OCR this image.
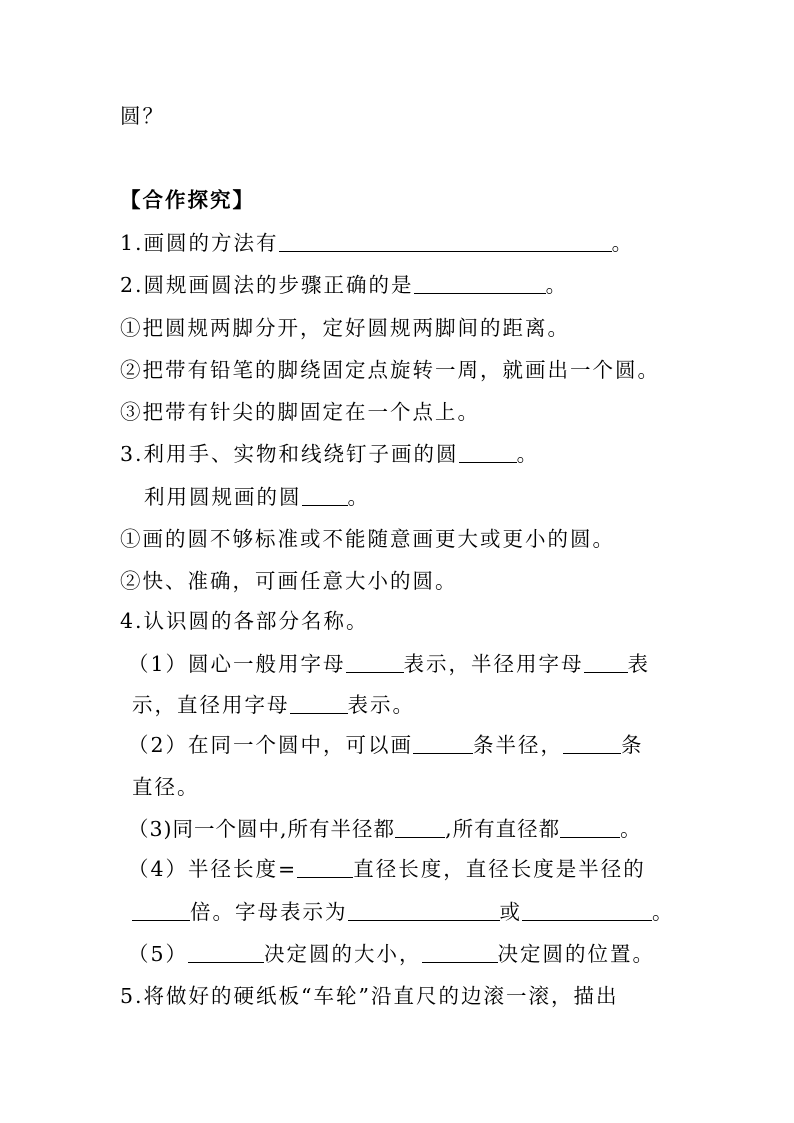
圆？
【合作探究】
1.画圆的方法有	。
2.圆规画圆法的步骤正确的是	。
①把圆规两脚分开，定好圆规两脚间的距离。
②把带有铅笔的脚绕固定点旋转一周，就画出一个圆。
③把带有针尖的脚固定在一个点上。
3.利用手、实物和线绕钉子画的圆	。
利用圆规画的圆 。
①画的圆不够标准或不能随意画更大或更小的圆。
②快、准确，可画任意大小的圆。
4.认识圆的各部分名称。
（1）圆心一般用字母	表示，半径用字母 表
示，直径用字母	表示。
（2）在同一个圆中，可以画	条半径，	条
直径。
（3)同一个圆中,所有半径都 ,所有直径都	。
（4）半径长度=	直径长度，直径长度是半径的
倍。字母表示为	或	。
（5）	决定圆的大小，	决定圆的位置。
5.将做好的硬纸板“车轮”沿直尺的边滚一滚，描出
